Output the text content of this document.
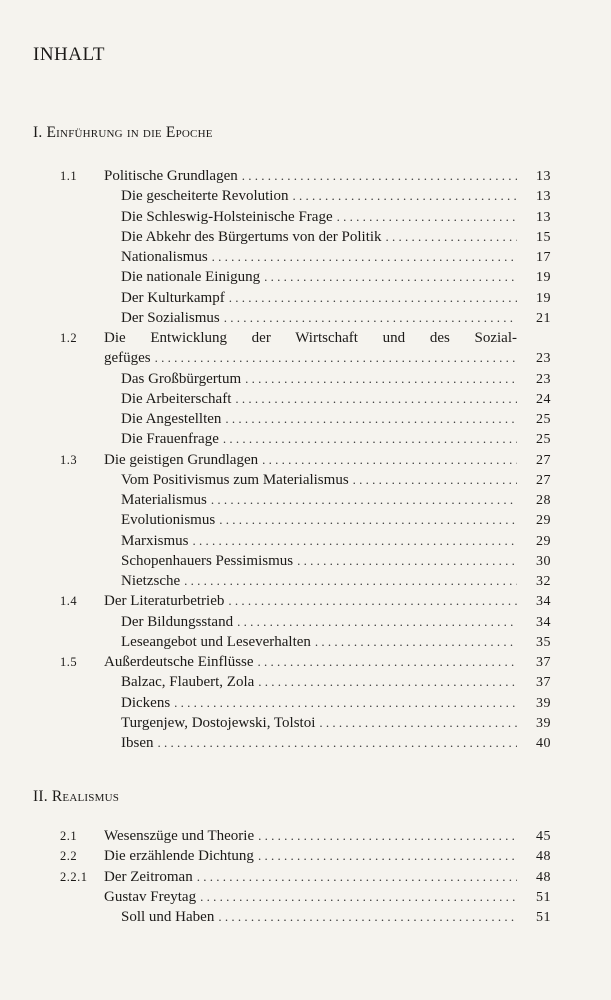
INHALT
I. Einführung in die Epoche
1.1 Politische Grundlagen . . .	13
Die gescheiterte Revolution . . .	13
Die Schleswig-Holsteinische Frage . . .	13
Die Abkehr des Bürgertums von der Politik . . .	15
Nationalismus . . .	17
Die nationale Einigung . . .	19
Der Kulturkampf . . .	19
Der Sozialismus . . .	21
1.2 Die Entwicklung der Wirtschaft und des Sozial-
gefüges . . .	23
Das Großbürgertum . . .	23
Die Arbeiterschaft . . .	24
Die Angestellten . . .	25
Die Frauenfrage . . .	25
1.3 Die geistigen Grundlagen . . .	27
Vom Positivismus zum Materialismus . . .	27
Materialismus . . .	28
Evolutionismus . . .	29
Marxismus . . .	29
Schopenhauers Pessimismus . . .	30
Nietzsche . . .	32
1.4 Der Literaturbetrieb . . .	34
Der Bildungsstand . . .	34
Leseangebot und Leseverhalten . . .	35
1.5 Außerdeutsche Einflüsse . . .	37
Balzac, Flaubert, Zola . . .	37
Dickens . . .	39
Turgenjew, Dostojewski, Tolstoi . . .	39
Ibsen . . .	40
II. Realismus
2.1 Wesenszüge und Theorie . . .	45
2.2 Die erzählende Dichtung . . .	48
2.2.1 Der Zeitroman . . .	48
Gustav Freytag . . .	51
Soll und Haben . . .	51
